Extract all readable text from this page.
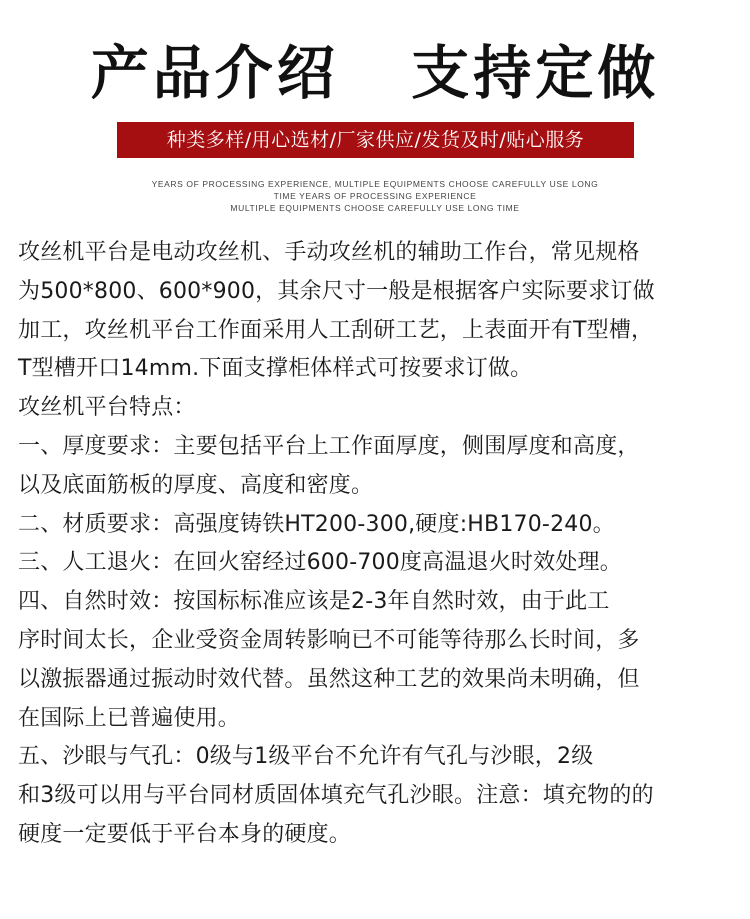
产品介绍   支持定做
种类多样/用心选材/厂家供应/发货及时/贴心服务
YEARS OF PROCESSING EXPERIENCE, MULTIPLE EQUIPMENTS CHOOSE CAREFULLY USE LONG
TIME YEARS OF PROCESSING EXPERIENCE
MULTIPLE EQUIPMENTS CHOOSE CAREFULLY USE LONG TIME
攻丝机平台是电动攻丝机、手动攻丝机的辅助工作台，常见规格
为500*800、600*900，其余尺寸一般是根据客户实际要求订做
加工，攻丝机平台工作面采用人工刮研工艺，上表面开有T型槽，
T型槽开口14mm.下面支撑柜体样式可按要求订做。
攻丝机平台特点：
一、厚度要求：主要包括平台上工作面厚度，侧围厚度和高度，
以及底面筋板的厚度、高度和密度。
二、材质要求：高强度铸铁HT200-300,硬度:HB170-240。
三、人工退火：在回火窑经过600-700度高温退火时效处理。
四、自然时效：按国标标准应该是2-3年自然时效，由于此工
序时间太长，企业受资金周转影响已不可能等待那么长时间，多
以激振器通过振动时效代替。虽然这种工艺的效果尚未明确，但
在国际上已普遍使用。
五、沙眼与气孔：0级与1级平台不允许有气孔与沙眼，2级
和3级可以用与平台同材质固体填充气孔沙眼。注意：填充物的的
硬度一定要低于平台本身的硬度。
